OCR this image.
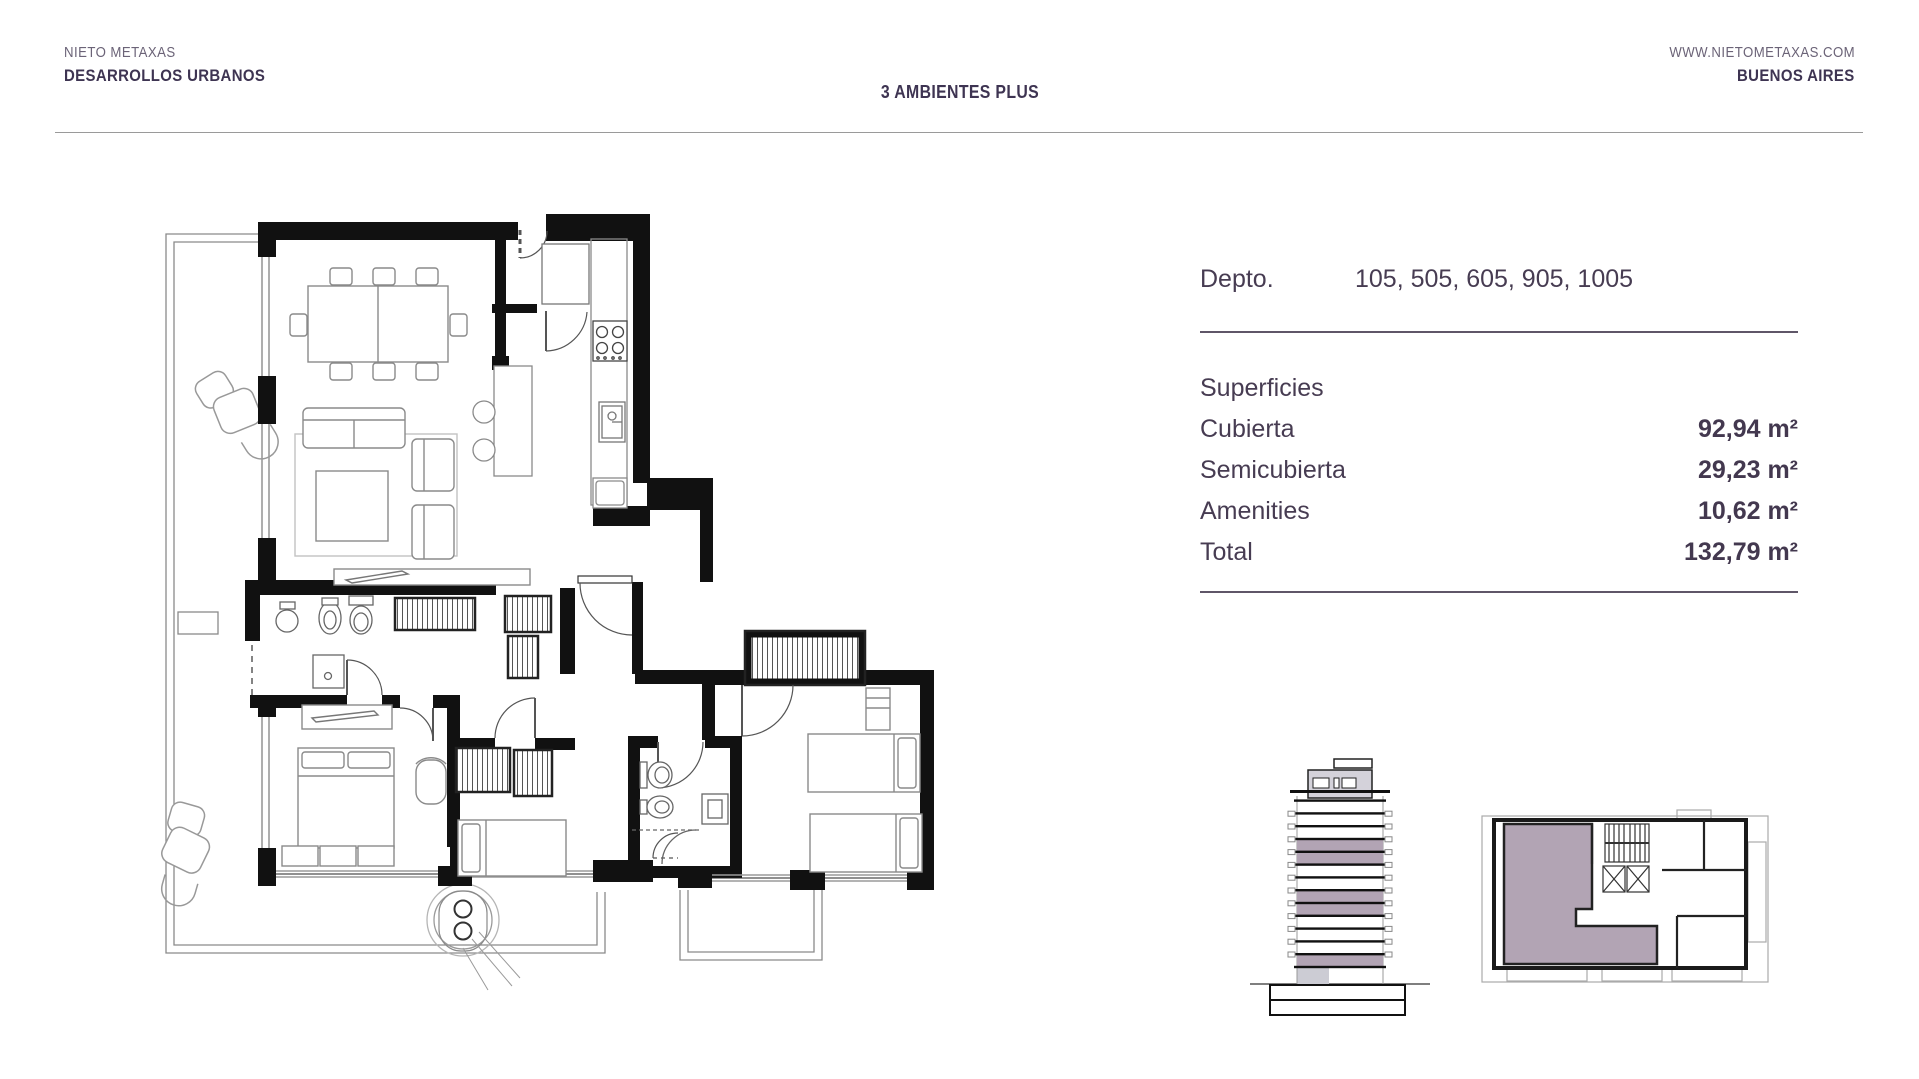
NIETO METAXAS
DESARROLLOS URBANOS
3 AMBIENTES PLUS
WWW.NIETOMETAXAS.COM
BUENOS AIRES
Depto.	105, 505, 605, 905, 1005
Superficies
Cubierta	92,94 m²
Semicubierta	29,23 m²
Amenities	10,62 m²
Total	132,79 m²
